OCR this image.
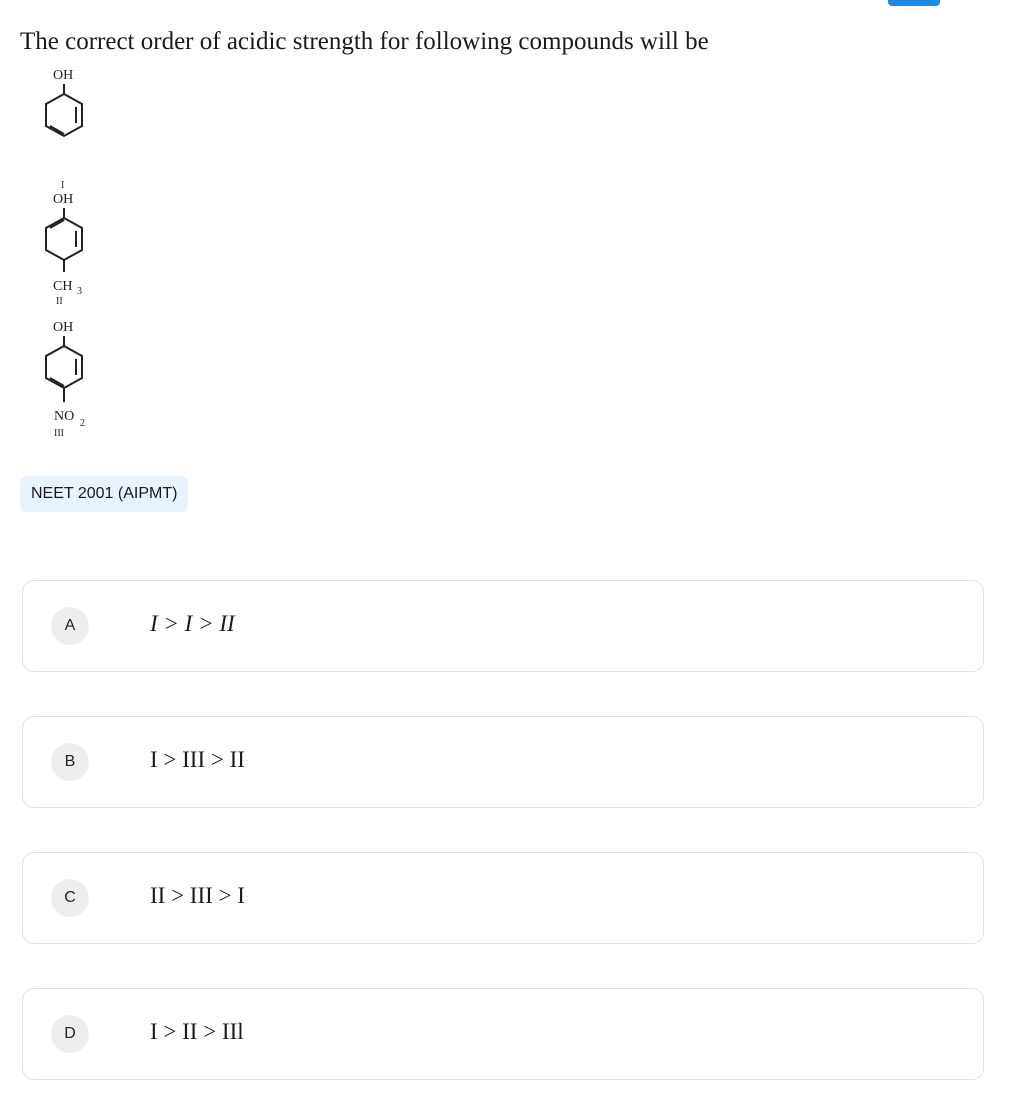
The correct order of acidic strength for following compounds will be
OH
I
OH
CH 3
II
OH
NO 2
III
NEET 2001 (AIPMT)
A	I > I > II
B	I > III > II
C	II > III > I
D	I > II > IIl
